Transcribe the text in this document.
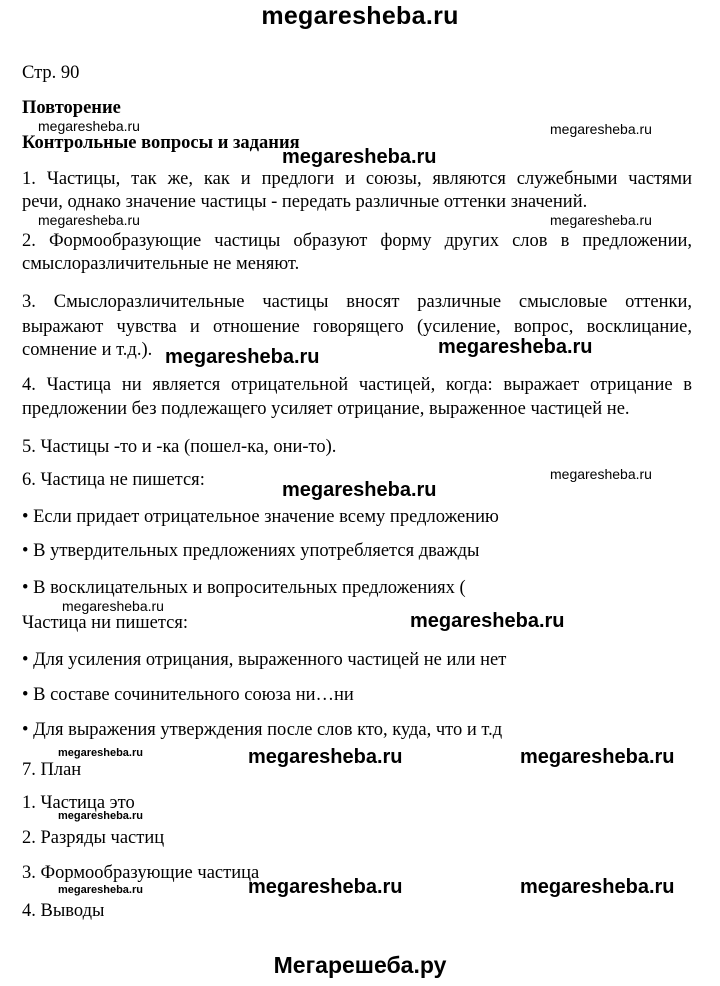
megaresheba.ru
Стр. 90
Повторение
Контрольные вопросы и задания
1. Частицы, так же, как и предлоги и союзы, являются служебными частями
речи, однако значение частицы - передать различные оттенки значений.
2. Формообразующие частицы образуют форму других слов в предложении,
смыслоразличительные не меняют.
3. Смыслоразличительные частицы вносят различные смысловые оттенки,
выражают чувства и отношение говорящего (усиление, вопрос, восклицание,
сомнение и т.д.).
4. Частица ни является отрицательной частицей, когда: выражает отрицание в
предложении без подлежащего усиляет отрицание, выраженное частицей не.
5. Частицы -то и -ка (пошел-ка, они-то).
6. Частица не пишется:
• Если придает отрицательное значение всему предложению
• В утвердительных предложениях употребляется дважды
• В восклицательных и вопросительных предложениях (
Частица ни пишется:
• Для усиления отрицания, выраженного частицей не или нет
• В составе сочинительного союза ни…ни
• Для выражения утверждения после слов кто, куда, что и т.д
7. План
1. Частица это
2. Разряды частиц
3. Формообразующие частица
4. Выводы
megaresheba.ru	megaresheba.ru
megaresheba.ru
megaresheba.ru	megaresheba.ru
megaresheba.ru	megaresheba.ru
megaresheba.ru
megaresheba.ru
megaresheba.ru
megaresheba.ru
megaresheba.ru	megaresheba.ru	megaresheba.ru
megaresheba.ru
megaresheba.ru	megaresheba.ru	megaresheba.ru
Мегарешеба.ру
